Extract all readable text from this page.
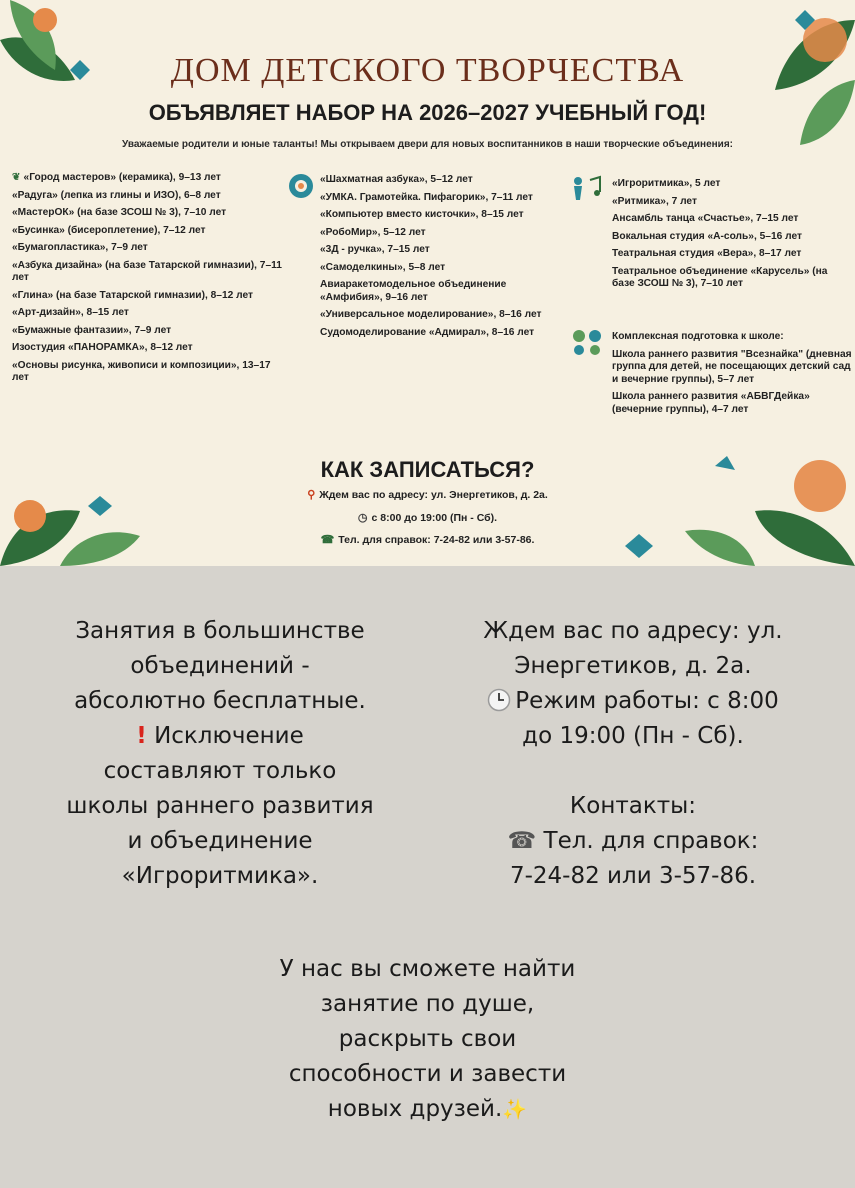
ДОМ ДЕТСКОГО ТВОРЧЕСТВА
ОБЪЯВЛЯЕТ НАБОР НА 2026–2027 УЧЕБНЫЙ ГОД!
Уважаемые родители и юные таланты! Мы открываем двери для новых воспитанников в наши творческие объединения:
❦ «Город мастеров» (керамика), 9–13 лет
«Радуга» (лепка из глины и ИЗО), 6–8 лет
«МастерОК» (на базе ЗСОШ № 3), 7–10 лет
«Бусинка» (бисероплетение), 7–12 лет
«Бумагопластика», 7–9 лет
«Азбука дизайна» (на базе Татарской гимназии), 7–11 лет
«Глина» (на базе Татарской гимназии), 8–12 лет
«Арт-дизайн», 8–15 лет
«Бумажные фантазии», 7–9 лет
Изостудия «ПАНОРАМКА», 8–12 лет
«Основы рисунка, живописи и композиции», 13–17 лет
«Шахматная азбука», 5–12 лет
«УМКА. Грамотейка. Пифагорик», 7–11 лет
«Компьютер вместо кисточки», 8–15 лет
«РобоМир», 5–12 лет
«3Д - ручка», 7–15 лет
«Самоделкины», 5–8 лет
Авиаракетомодельное объединение «Амфибия», 9–16 лет
«Универсальное моделирование», 8–16 лет
Судомоделирование «Адмирал», 8–16 лет
«Игроритмика», 5 лет
«Ритмика», 7 лет
Ансамбль танца «Счастье», 7–15 лет
Вокальная студия «А-соль», 5–16 лет
Театральная студия «Вера», 8–17 лет
Театральное объединение «Карусель» (на базе ЗСОШ № 3), 7–10 лет
Комплексная подготовка к школе:
Школа раннего развития "Всезнайка" (дневная группа для детей, не посещающих детский сад и вечерние группы), 5–7 лет
Школа раннего развития «АБВГДейка» (вечерние группы), 4–7 лет
КАК ЗАПИСАТЬСЯ?
⚲ Ждем вас по адресу: ул. Энергетиков, д. 2а.
◷ с 8:00 до 19:00 (Пн - Сб).
☎ Тел. для справок: 7-24-82 или 3-57-86.
Занятия в большинстве
объединений -
абсолютно бесплатные.
! Исключение
составляют только
школы раннего развития
и объединение
«Игроритмика».
Ждем вас по адресу: ул.
Энергетиков, д. 2а.
Режим работы: с 8:00
до 19:00 (Пн - Сб).

Контакты:
☎ Тел. для справок:
7-24-82 или 3-57-86.
У нас вы сможете найти
занятие по душе,
раскрыть свои
способности и завести
новых друзей.✨
